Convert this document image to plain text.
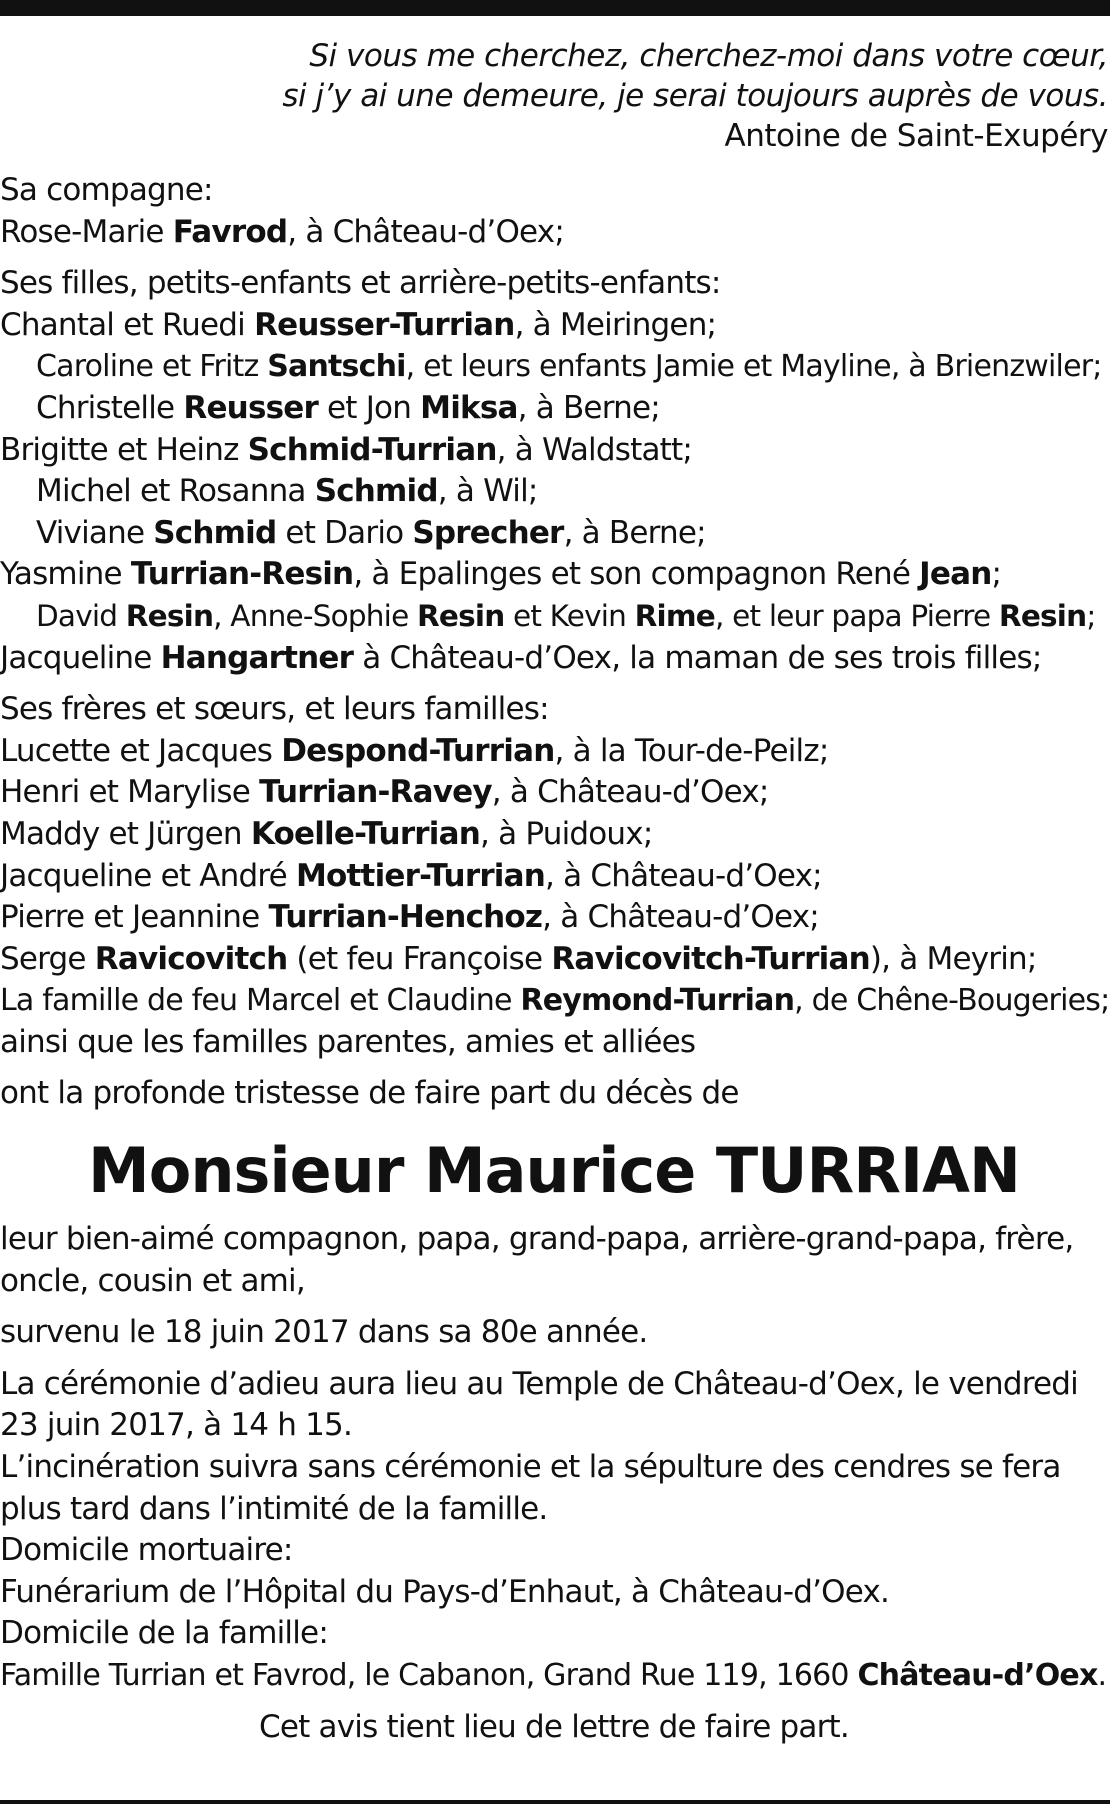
Si vous me cherchez, cherchez-moi dans votre cœur,
si j’y ai une demeure, je serai toujours auprès de vous.
Antoine de Saint-Exupéry
Sa compagne:
Rose-Marie Favrod, à Château-d’Oex;
Ses filles, petits-enfants et arrière-petits-enfants:
Chantal et Ruedi Reusser-Turrian, à Meiringen;
Caroline et Fritz Santschi, et leurs enfants Jamie et Mayline, à Brienzwiler;
Christelle Reusser et Jon Miksa, à Berne;
Brigitte et Heinz Schmid-Turrian, à Waldstatt;
Michel et Rosanna Schmid, à Wil;
Viviane Schmid et Dario Sprecher, à Berne;
Yasmine Turrian-Resin, à Epalinges et son compagnon René Jean;
David Resin, Anne-Sophie Resin et Kevin Rime, et leur papa Pierre Resin;
Jacqueline Hangartner à Château-d’Oex, la maman de ses trois filles;
Ses frères et sœurs, et leurs familles:
Lucette et Jacques Despond-Turrian, à la Tour-de-Peilz;
Henri et Marylise Turrian-Ravey, à Château-d’Oex;
Maddy et Jürgen Koelle-Turrian, à Puidoux;
Jacqueline et André Mottier-Turrian, à Château-d’Oex;
Pierre et Jeannine Turrian-Henchoz, à Château-d’Oex;
Serge Ravicovitch (et feu Françoise Ravicovitch-Turrian), à Meyrin;
La famille de feu Marcel et Claudine Reymond-Turrian, de Chêne-Bougeries;
ainsi que les familles parentes, amies et alliées
ont la profonde tristesse de faire part du décès de
Monsieur Maurice TURRIAN
leur bien-aimé compagnon, papa, grand-papa, arrière-grand-papa, frère, oncle, cousin et ami,
survenu le 18 juin 2017 dans sa 80e année.
La cérémonie d’adieu aura lieu au Temple de Château-d’Oex, le vendredi 23 juin 2017, à 14 h 15.
L’incinération suivra sans cérémonie et la sépulture des cendres se fera plus tard dans l’intimité de la famille.
Domicile mortuaire:
Funérarium de l’Hôpital du Pays-d’Enhaut, à Château-d’Oex.
Domicile de la famille:
Famille Turrian et Favrod, le Cabanon, Grand Rue 119, 1660 Château-d’Oex.
Cet avis tient lieu de lettre de faire part.
